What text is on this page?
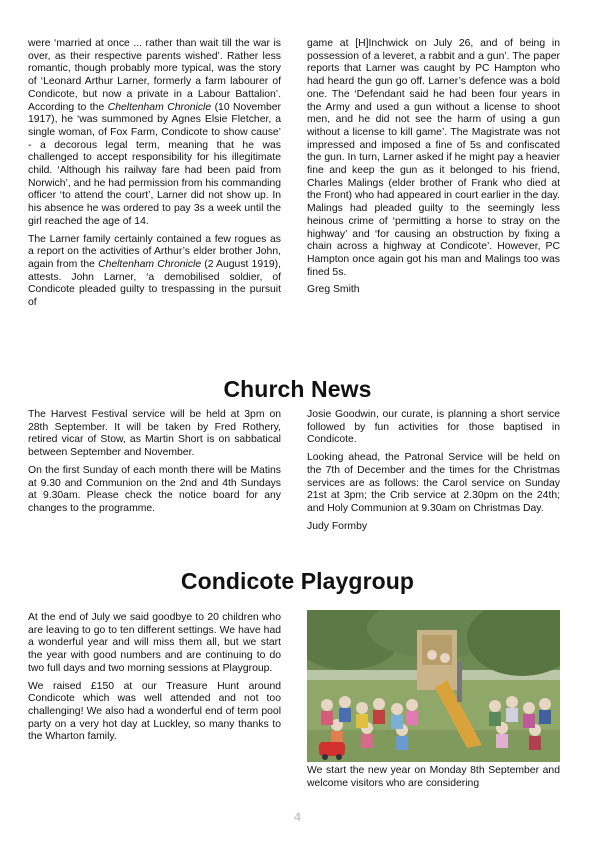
were ‘married at once ... rather than wait till the war is over, as their respective parents wished’. Rather less romantic, though probably more typical, was the story of ‘Leonard Arthur Larner, formerly a farm labourer of Condicote, but now a private in a Labour Battalion’. According to the Cheltenham Chronicle (10 November 1917), he ‘was summoned by Agnes Elsie Fletcher, a single woman, of Fox Farm, Condicote to show cause’ - a decorous legal term, meaning that he was challenged to accept responsibility for his illegitimate child. ‘Although his railway fare had been paid from Norwich’, and he had permission from his commanding officer ‘to attend the court’, Larner did not show up. In his absence he was ordered to pay 3s a week until the girl reached the age of 14.

The Larner family certainly contained a few rogues as a report on the activities of Arthur’s elder brother John, again from the Cheltenham Chronicle (2 August 1919), attests. John Larner, ‘a demobilised soldier, of Condicote pleaded guilty to trespassing in the pursuit of

game at [H]Inchwick on July 26, and of being in possession of a leveret, a rabbit and a gun’. The paper reports that Larner was caught by PC Hampton who had heard the gun go off. Larner’s defence was a bold one. The ‘Defendant said he had been four years in the Army and used a gun without a license to shoot men, and he did not see the harm of using a gun without a license to kill game’. The Magistrate was not impressed and imposed a fine of 5s and confiscated the gun. In turn, Larner asked if he might pay a heavier fine and keep the gun as it belonged to his friend, Charles Malings (elder brother of Frank who died at the Front) who had appeared in court earlier in the day. Malings had pleaded guilty to the seemingly less heinous crime of ‘permitting a horse to stray on the highway’ and ‘for causing an obstruction by fixing a chain across a highway at Condicote’. However, PC Hampton once again got his man and Malings too was fined 5s.

Greg Smith

Church News

The Harvest Festival service will be held at 3pm on 28th September. It will be taken by Fred Rothery, retired vicar of Stow, as Martin Short is on sabbatical between September and November.

On the first Sunday of each month there will be Matins at 9.30 and Communion on the 2nd and 4th Sundays at 9.30am. Please check the notice board for any changes to the programme.

Josie Goodwin, our curate, is planning a short service followed by fun activities for those baptised in Condicote.

Looking ahead, the Patronal Service will be held on the 7th of December and the times for the Christmas services are as follows: the Carol service on Sunday 21st at 3pm; the Crib service at 2.30pm on the 24th; and Holy Communion at 9.30am on Christmas Day.

Judy Formby

Condicote Playgroup

At the end of July we said goodbye to 20 children who are leaving to go to ten different settings. We have had a wonderful year and will miss them all, but we start the year with good numbers and are continuing to do two full days and two morning sessions at Playgroup.

We raised £150 at our Treasure Hunt around Condicote which was well attended and not too challenging! We also had a wonderful end of term pool party on a very hot day at Luckley, so many thanks to the Wharton family.

We start the new year on Monday 8th September and welcome visitors who are considering
4
